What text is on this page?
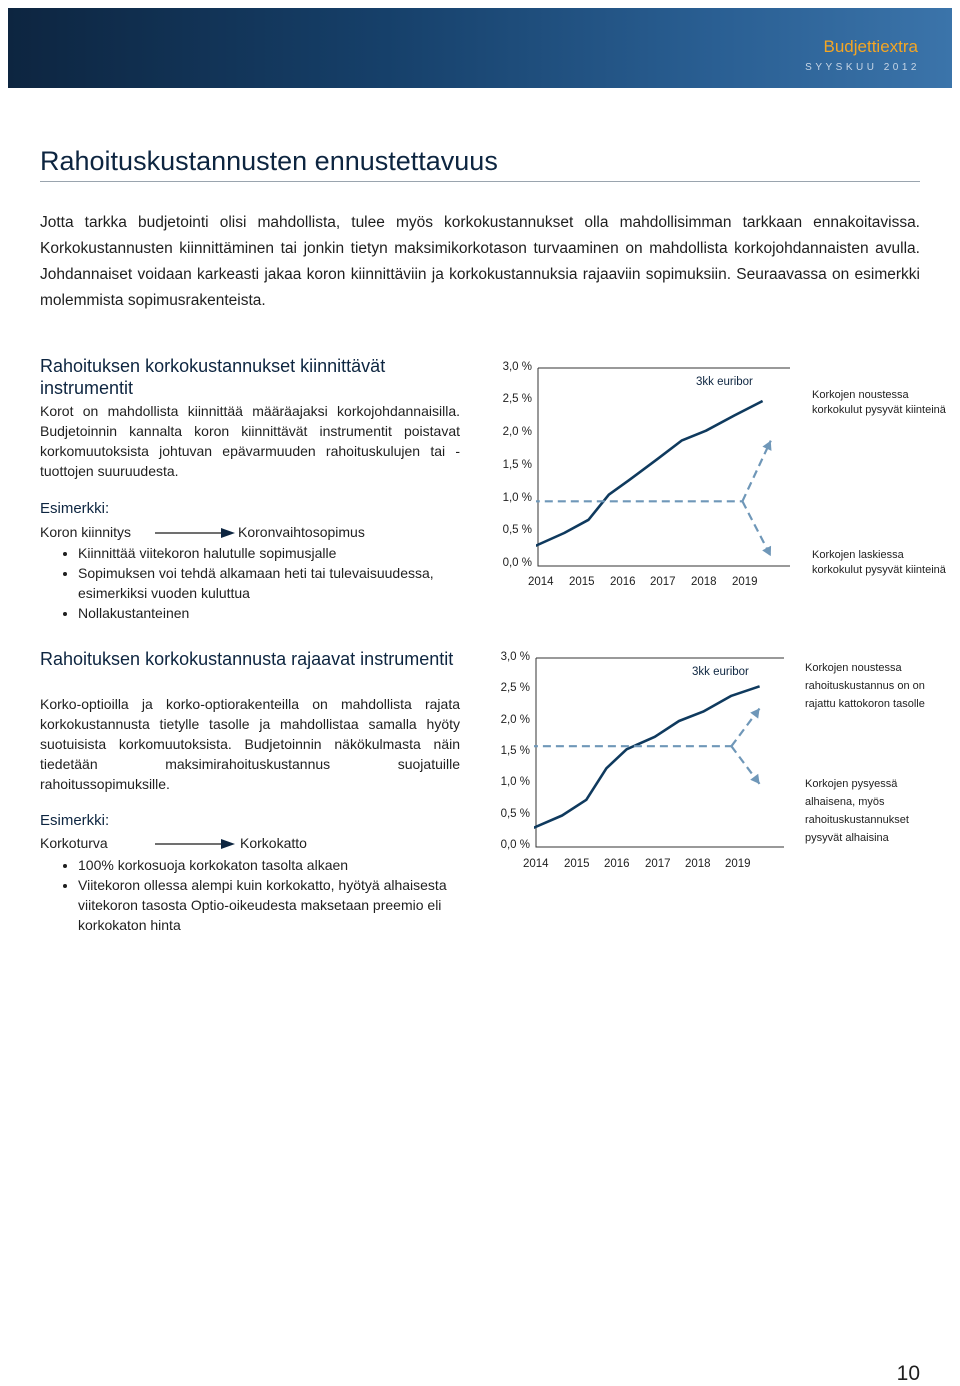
Budjettiextra
SYYSKUU 2012
Rahoituskustannusten ennustettavuus
Jotta tarkka budjetointi olisi mahdollista, tulee myös korkokustannukset olla mahdollisimman tarkkaan ennakoitavissa. Korkokustannusten kiinnittäminen tai jonkin tietyn maksimikorkotason turvaaminen on mahdollista korkojohdannaisten avulla. Johdannaiset voidaan karkeasti jakaa koron kiinnittäviin ja korkokustannuksia rajaaviin sopimuksiin. Seuraavassa on esimerkki molemmista sopimusrakenteista.
Rahoituksen korkokustannukset kiinnittävät instrumentit
Korot on mahdollista kiinnittää määräajaksi korkojohdannaisilla. Budjetoinnin kannalta koron kiinnittävät instrumentit poistavat korkomuutoksista johtuvan epävarmuuden rahoituskulujen tai -tuottojen suuruudesta.
Esimerkki:
Koron kiinnitys	Koronvaihtosopimus
• Kiinnittää viitekoron halutulle sopimusjalle
• Sopimuksen voi tehdä alkamaan heti tai tulevaisuudessa, esimerkiksi vuoden kuluttua
• Nollakustanteinen
3,0 %
2,5 %
2,0 %
1,5 %
1,0 %
0,5 %
0,0 %
2014 2015 2016 2017 2018 2019
3kk euribor
Korkojen noustessa korkokulut pysyvät kiinteinä
Korkojen laskiessa korkokulut pysyvät kiinteinä
Rahoituksen korkokustannusta rajaavat instrumentit
Korko-optioilla ja korko-optiorakenteilla on mahdollista rajata korkokustannusta tietylle tasolle ja mahdollistaa samalla hyöty suotuisista korkomuutoksista. Budjetoinnin näkökulmasta näin tiedetään maksimirahoituskustannus suojatuille rahoitussopimuksille.
Esimerkki:
Korkoturva	Korkokatto
• 100% korkosuoja korkokaton tasolta alkaen
• Viitekoron ollessa alempi kuin korkokatto, hyötyä alhaisesta viitekoron tasosta Optio-oikeudesta maksetaan preemio eli korkokaton hinta
3,0 %
2,5 %
2,0 %
1,5 %
1,0 %
0,5 %
0,0 %
2014 2015 2016 2017 2018 2019
3kk euribor	Korkojen noustessa rahoituskustannus on on rajattu kattokoron tasolle
Korkojen pysyessä alhaisena, myös rahoituskustannukset pysyvät alhaisina
10
